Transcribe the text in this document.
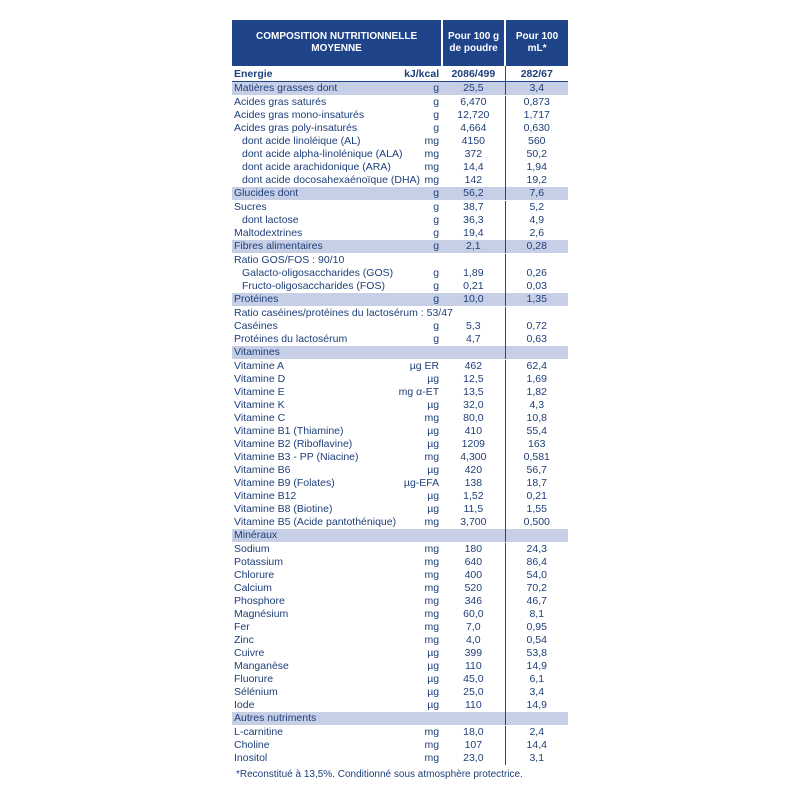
COMPOSITION NUTRITIONNELLE MOYENNE	Pour 100 g de poudre	Pour 100 mL*

Energie kJ/kcal	2086/499	282/67

Matières grasses dont g	25,5	3,4

Acides gras saturés g	6,470	0,873

Acides gras mono-insaturés g	12,720	1,717

Acides gras poly-insaturés g	4,664	0,630

dont acide linoléique (AL) mg	4150	560

dont acide alpha-linolénique (ALA) mg	372	50,2

dont acide arachidonique (ARA) mg	14,4	1,94

dont acide docosahexaénoïque (DHA) mg	142	19,2

Glucides dont g	56,2	7,6

Sucres g	38,7	5,2

dont lactose g	36,3	4,9

Maltodextrines g	19,4	2,6

Fibres alimentaires g	2,1	0,28

Ratio GOS/FOS : 90/10		

Galacto-oligosaccharides (GOS) g	1,89	0,26

Fructo-oligosaccharides (FOS) g	0,21	0,03

Protéines g	10,0	1,35

Ratio caséines/protéines du lactosérum : 53/47		

Caséines g	5,3	0,72

Protéines du lactosérum g	4,7	0,63

Vitamines		

Vitamine A µg ER	462	62,4

Vitamine D µg	12,5	1,69

Vitamine E mg α-ET	13,5	1,82

Vitamine K µg	32,0	4,3

Vitamine C mg	80,0	10,8

Vitamine B1 (Thiamine) µg	410	55,4

Vitamine B2 (Riboflavine) µg	1209	163

Vitamine B3 - PP (Niacine) mg	4,300	0,581

Vitamine B6 µg	420	56,7

Vitamine B9 (Folates) µg-EFA	138	18,7

Vitamine B12 µg	1,52	0,21

Vitamine B8 (Biotine) µg	11,5	1,55

Vitamine B5 (Acide pantothénique) mg	3,700	0,500

Minéraux		

Sodium mg	180	24,3

Potassium mg	640	86,4

Chlorure mg	400	54,0

Calcium mg	520	70,2

Phosphore mg	346	46,7

Magnésium mg	60,0	8,1

Fer mg	7,0	0,95

Zinc mg	4,0	0,54

Cuivre µg	399	53,8

Manganèse µg	110	14,9

Fluorure µg	45,0	6,1

Sélénium µg	25,0	3,4

Iode µg	110	14,9

Autres nutriments		

L-carnitine mg	18,0	2,4

Choline mg	107	14,4

Inositol mg	23,0	3,1
*Reconstitué à 13,5%. Conditionné sous atmosphère protectrice.
